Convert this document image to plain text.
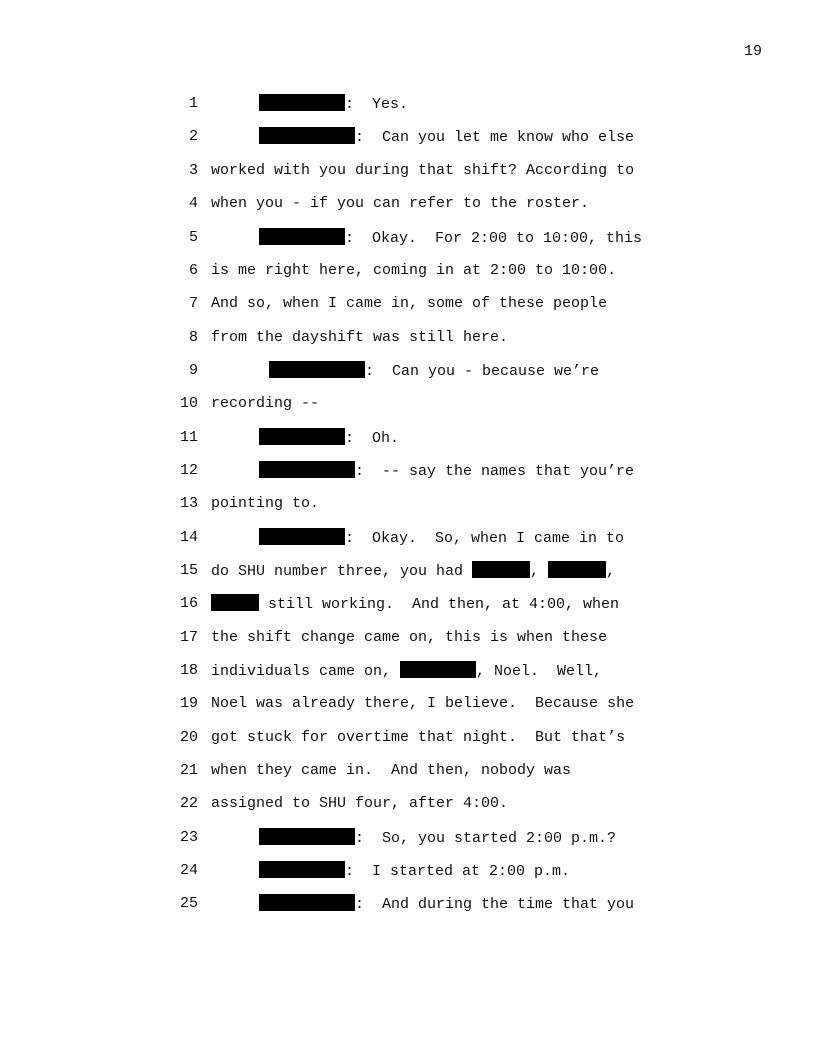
19
1	:  Yes.
2	:  Can you let me know who else
3 worked with you during that shift? According to
4 when you - if you can refer to the roster.
5	:  Okay.  For 2:00 to 10:00, this
6 is me right here, coming in at 2:00 to 10:00.
7 And so, when I came in, some of these people
8 from the dayshift was still here.
9	:  Can you - because we’re
10 recording --
11	:  Oh.
12	:  -- say the names that you’re
13 pointing to.
14	:  Okay.  So, when I came in to
15 do SHU number three, you had	,	,
16	still working.  And then, at 4:00, when
17 the shift change came on, this is when these
18 individuals came on,	, Noel.  Well,
19 Noel was already there, I believe.  Because she
20 got stuck for overtime that night.  But that’s
21 when they came in.  And then, nobody was
22 assigned to SHU four, after 4:00.
23	:  So, you started 2:00 p.m.?
24	:  I started at 2:00 p.m.
25	:  And during the time that you
